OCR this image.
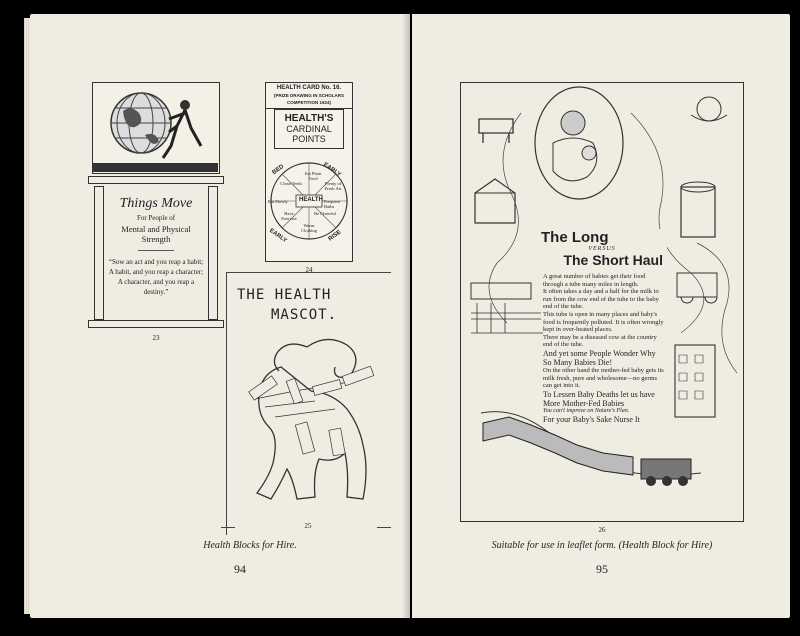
Things Move
For People of
Mental and Physical
Strength
“Sow an act and you reap a habit;
A habit, and you reap a character;
A character, and you reap a destiny.”
23
HEALTH CARD No. 16.
(PRIZE DRAWING IN SCHOLARS COMPETITION 1924)
HEALTH'S
CARDINAL
POINTS
HEALTH
BED	EARLY
RISE
EARLY
Eat Plain Food
Plenty of Fresh Air
Frequent Baths
Be Cheerful
Warm Clothing
Have Exercise
Eat Slowly
Clean Teeth
24
THE HEALTH
MASCOT.
25
Health Blocks for Hire.
94
The Long
VERSUS
The Short Haul
A great number of babies get their food through a tube many miles in length.
It often takes a day and a half for the milk to run from the cow end of the tube to the baby end of the tube.
This tube is open in many places and baby's food is frequently polluted. It is often wrongly kept in over-heated places.
There may be a diseased cow at the country end of the tube.
And yet some People Wonder Why So Many Babies Die!
On the other hand the mother-fed baby gets its milk fresh, pure and wholesome—no germs can get into it.
To Lessen Baby Deaths let us have More Mother-Fed Babies
You can't improve on Nature's Plan.
For your Baby's Sake Nurse It
26
Suitable for use in leaflet form. (Health Block for Hire)
95
